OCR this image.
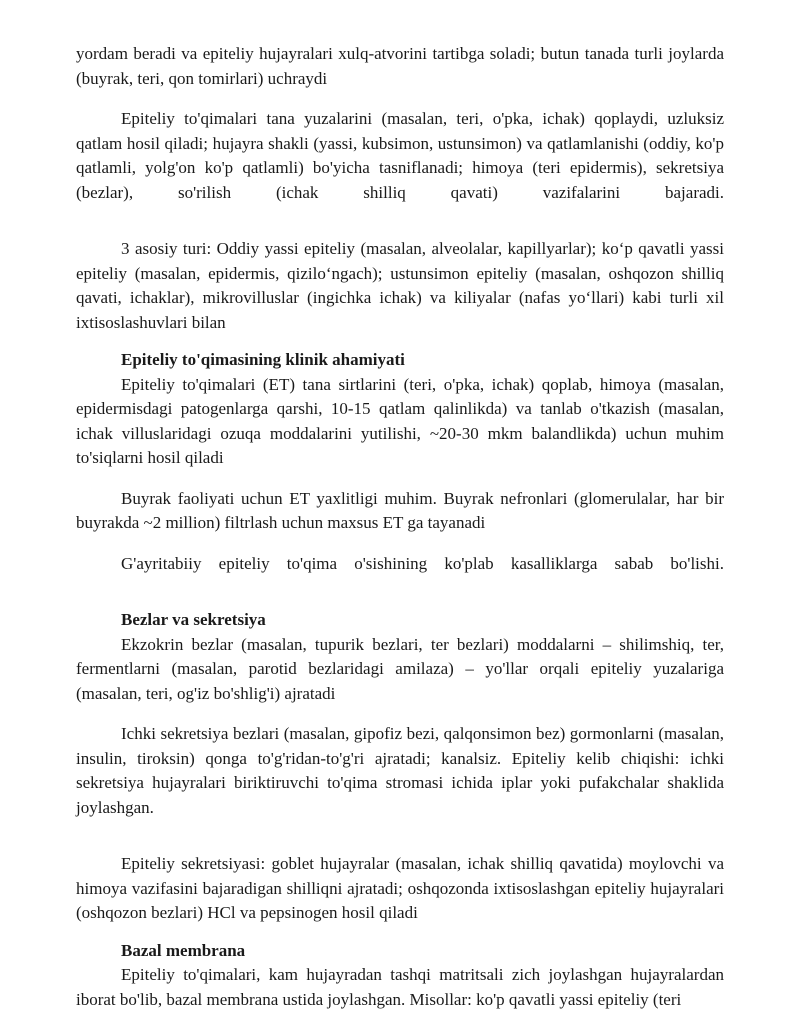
yordam beradi va epiteliy hujayralari xulq-atvorini tartibga soladi; butun tanada turli joylarda (buyrak, teri, qon tomirlari) uchraydi

Epiteliy to'qimalari tana yuzalarini (masalan, teri, o'pka, ichak) qoplaydi, uzluksiz qatlam hosil qiladi; hujayra shakli (yassi, kubsimon, ustunsimon) va qatlamlanishi (oddiy, ko'p qatlamli, yolg'on ko'p qatlamli) bo'yicha tasniflanadi; himoya (teri epidermis), sekretsiya (bezlar), so'rilish (ichak shilliq qavati) vazifalarini bajaradi.

3 asosiy turi: Oddiy yassi epiteliy (masalan, alveolalar, kapillyarlar); ko‘p qavatli yassi epiteliy (masalan, epidermis, qizilo‘ngach); ustunsimon epiteliy (masalan, oshqozon shilliq qavati, ichaklar), mikrovilluslar (ingichka ichak) va kiliyalar (nafas yo‘llari) kabi turli xil ixtisoslashuvlari bilan

Epiteliy to'qimasining klinik ahamiyati

Epiteliy to'qimalari (ET) tana sirtlarini (teri, o'pka, ichak) qoplab, himoya (masalan, epidermisdagi patogenlarga qarshi, 10-15 qatlam qalinlikda) va tanlab o'tkazish (masalan, ichak villuslaridagi ozuqa moddalarini yutilishi, ~20-30 mkm balandlikda) uchun muhim to'siqlarni hosil qiladi

Buyrak faoliyati uchun ET yaxlitligi muhim. Buyrak nefronlari (glomerulalar, har bir buyrakda ~2 million) filtrlash uchun maxsus ET ga tayanadi

G'ayritabiiy epiteliy to'qima o'sishining ko'plab kasalliklarga sabab bo'lishi.

Bezlar va sekretsiya

Ekzokrin bezlar (masalan, tupurik bezlari, ter bezlari) moddalarni – shilimshiq, ter, fermentlarni (masalan, parotid bezlaridagi amilaza) – yo'llar orqali epiteliy yuzalariga (masalan, teri, og'iz bo'shlig'i) ajratadi

Ichki sekretsiya bezlari (masalan, gipofiz bezi, qalqonsimon bez) gormonlarni (masalan, insulin, tiroksin) qonga to'g'ridan-to'g'ri ajratadi; kanalsiz. Epiteliy kelib chiqishi: ichki sekretsiya hujayralari biriktiruvchi to'qima stromasi ichida iplar yoki pufakchalar shaklida joylashgan.

Epiteliy sekretsiyasi: goblet hujayralar (masalan, ichak shilliq qavatida) moylovchi va himoya vazifasini bajaradigan shilliqni ajratadi; oshqozonda ixtisoslashgan epiteliy hujayralari (oshqozon bezlari) HCl va pepsinogen hosil qiladi

Bazal membrana

Epiteliy to'qimalari, kam hujayradan tashqi matritsali zich joylashgan hujayralardan iborat bo'lib, bazal membrana ustida joylashgan. Misollar: ko'p qavatli yassi epiteliy (teri
